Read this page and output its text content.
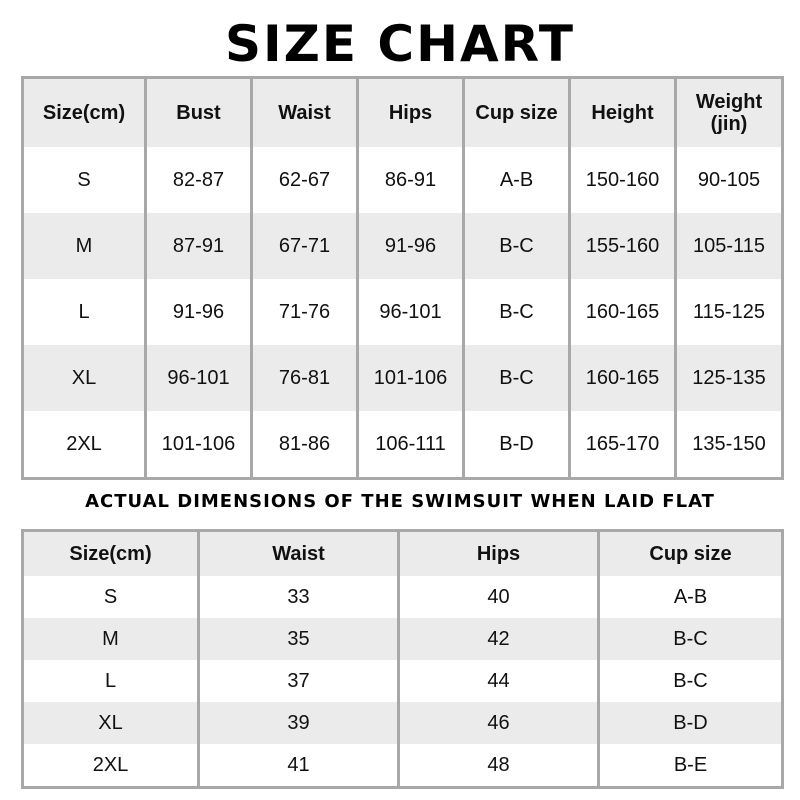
SIZE CHART
Size(cm)	Bust	Waist	Hips	Cup size	Height	Weight
(jin)
S	82-87	62-67	86-91	A-B	150-160	90-105
M	87-91	67-71	91-96	B-C	155-160	105-115
L	91-96	71-76	96-101	B-C	160-165	115-125
XL	96-101	76-81	101-106	B-C	160-165	125-135
2XL	101-106	81-86	106-111	B-D	165-170	135-150
ACTUAL DIMENSIONS OF THE SWIMSUIT WHEN LAID FLAT
Size(cm)	Waist	Hips	Cup size
S	33	40	A-B
M	35	42	B-C
L	37	44	B-C
XL	39	46	B-D
2XL	41	48	B-E
